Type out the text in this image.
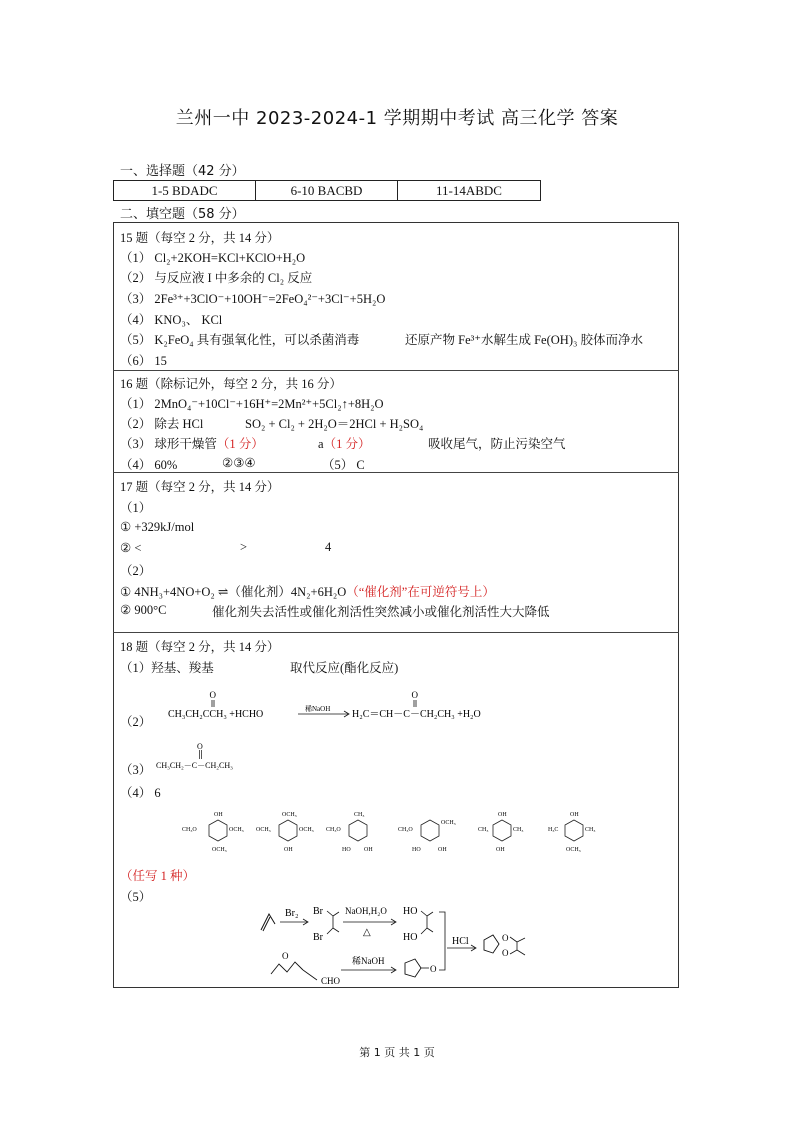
兰州一中 2023-2024-1 学期期中考试 高三化学 答案
一、选择题（42 分）
1-5 BDADC	6-10 BACBD	11-14ABDC
二、填空题（58 分）
15 题（每空 2 分，共 14 分）
（1） Cl₂+2KOH=KCl+KClO+H₂O
（2） 与反应液 I 中多余的 Cl₂ 反应
（3） 2Fe³⁺+3ClO⁻+10OH⁻=2FeO₄²⁻+3Cl⁻+5H₂O
（4） KNO₃、 KCl
（5） K₂FeO₄ 具有强氧化性，可以杀菌消毒	还原产物 Fe³⁺水解生成 Fe(OH)₃ 胶体而净水
（6） 15
16 题（除标记外，每空 2 分，共 16 分）
（1） 2MnO₄⁻+10Cl⁻+16H⁺=2Mn²⁺+5Cl₂↑+8H₂O
（2） 除去 HCl	SO₂ + Cl₂ + 2H₂O＝2HCl + H₂SO₄
（3） 球形干燥管（1 分）	a（1 分）	吸收尾气，防止污染空气
（4） 60%	②③④	（5） C
17 题（每空 2 分，共 14 分）
（1）
① +329kJ/mol
② <	>	4
（2）
① 4NH₃+4NO+O₂ ⇌（催化剂）4N₂+6H₂O（“催化剂”在可逆符号上）
② 900°C	催化剂失去活性或催化剂活性突然减小或催化剂活性大大降低
18 题（每空 2 分，共 14 分）
（1）羟基、羧基	取代反应(酯化反应)
（2）
CH₃CH₂CCH₃ +HCHO
O
稀NaOH H₂C＝CH－C－CH₂CH₃ +H₂O
O
（3） CH₃CH₂－C－CH₂CH₃
O
（4） 6
OH
CH₃O	OCH₃
OCH₃
OCH₃
OCH₃	OCH₃
OH
CH₃
CH₃O
HO OH
CH₃O
OCH₃
HO	OH
OH
CH₃	CH₃
OH
OH
H₃C	CH₃
OCH₃
（任写 1 种）
（5）
Br₂ Br
Br
NaOH,H₂O
△
HO
HO	HCl	O
O
O
CHO
稀NaOH
O
第 1 页 共 1 页
